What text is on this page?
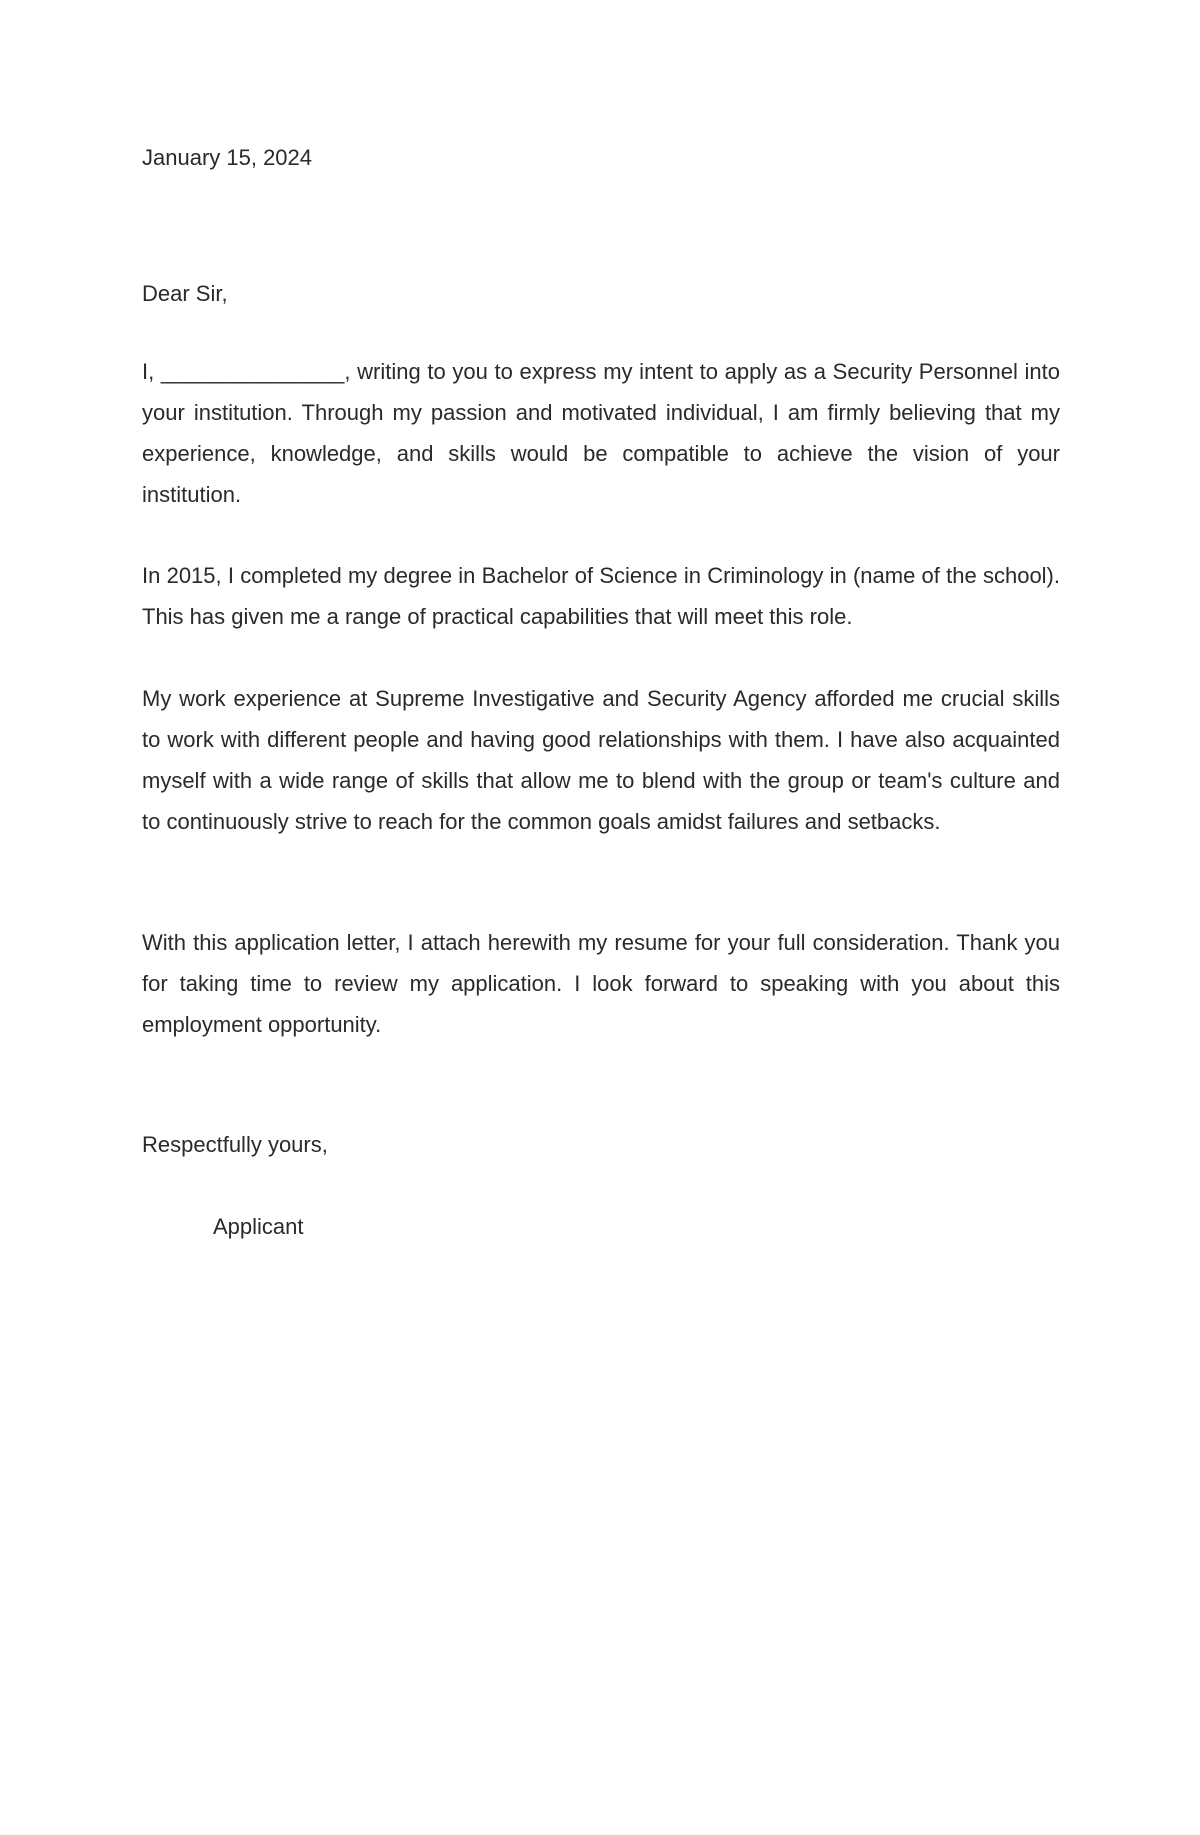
January 15, 2024

Dear Sir,

I, _______________, writing to you to express my intent to apply as a Security Personnel into your institution. Through my passion and motivated individual, I am firmly believing that my experience, knowledge, and skills would be compatible to achieve the vision of your institution.

In 2015, I completed my degree in Bachelor of Science in Criminology in (name of the school). This has given me a range of practical capabilities that will meet this role.

My work experience at Supreme Investigative and Security Agency afforded me crucial skills to work with different people and having good relationships with them. I have also acquainted myself with a wide range of skills that allow me to blend with the group or team's culture and to continuously strive to reach for the common goals amidst failures and setbacks.

With this application letter, I attach herewith my resume for your full consideration. Thank you for taking time to review my application. I look forward to speaking with you about this employment opportunity.

Respectfully yours,

Applicant
